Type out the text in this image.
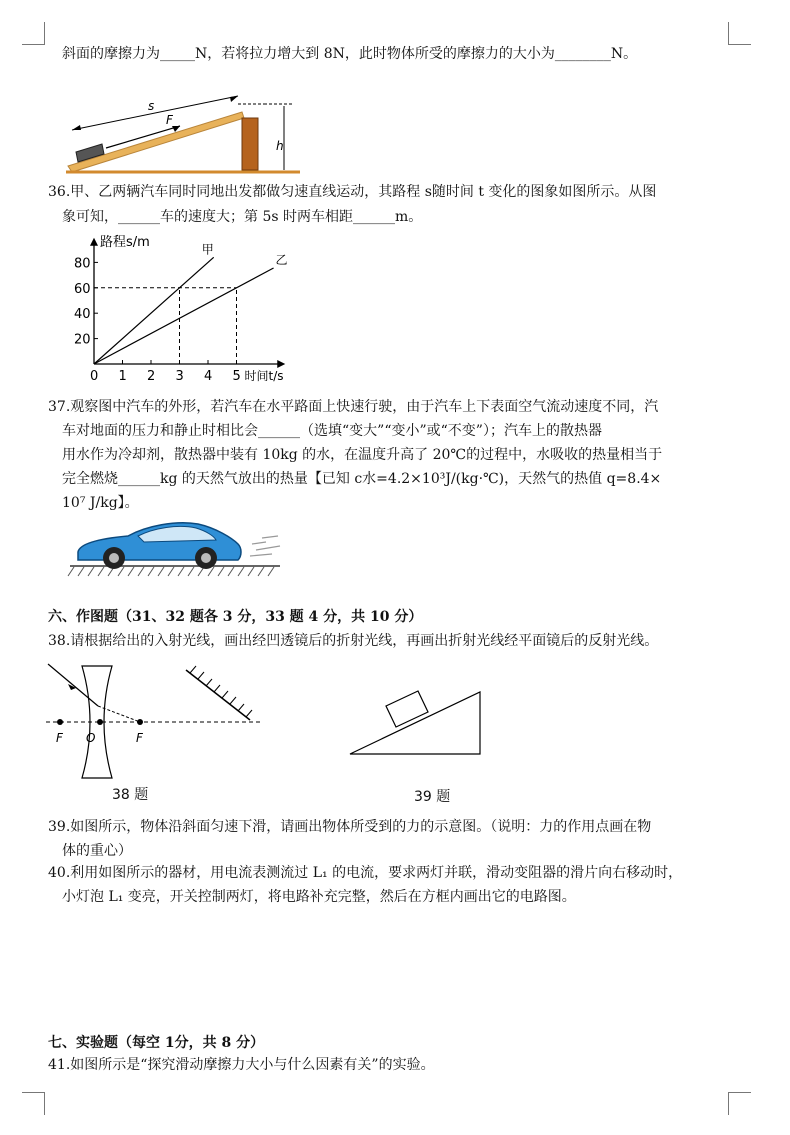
斜面的摩擦力为_____N，若将拉力增大到 8N，此时物体所受的摩擦力的大小为________N。
F
s
h
36.甲、乙两辆汽车同时同地出发都做匀速直线运动，其路程 s随时间 t 变化的图象如图所示。从图
象可知，______车的速度大；第 5s 时两车相距______m。
甲
乙
0 1 2 3 4 5
20
40
60
80
路程s/m
时间t/s
37.观察图中汽车的外形，若汽车在水平路面上快速行驶，由于汽车上下表面空气流动速度不同，汽
车对地面的压力和静止时相比会______（选填“变大”“变小”或“不变”）；汽车上的散热器
用水作为冷却剂，散热器中装有 10kg 的水，在温度升高了 20℃的过程中，水吸收的热量相当于
完全燃烧______kg 的天然气放出的热量【已知 c水=4.2×10³J/(kg·℃)，天然气的热值 q=8.4×
10⁷ J/kg】。
六、作图题（31、32 题各 3 分，33 题 4 分，共 10 分）
38.请根据给出的入射光线，画出经凹透镜后的折射光线，再画出折射光线经平面镜后的反射光线。
F O	F
38 题	39 题
39.如图所示，物体沿斜面匀速下滑，请画出物体所受到的力的示意图。（说明：力的作用点画在物
体的重心）
40.利用如图所示的器材，用电流表测流过 L₁ 的电流，要求两灯并联，滑动变阻器的滑片向右移动时，
小灯泡 L₁ 变亮，开关控制两灯，将电路补充完整，然后在方框内画出它的电路图。
七、实验题（每空 1分，共 8 分）
41.如图所示是“探究滑动摩擦力大小与什么因素有关”的实验。
